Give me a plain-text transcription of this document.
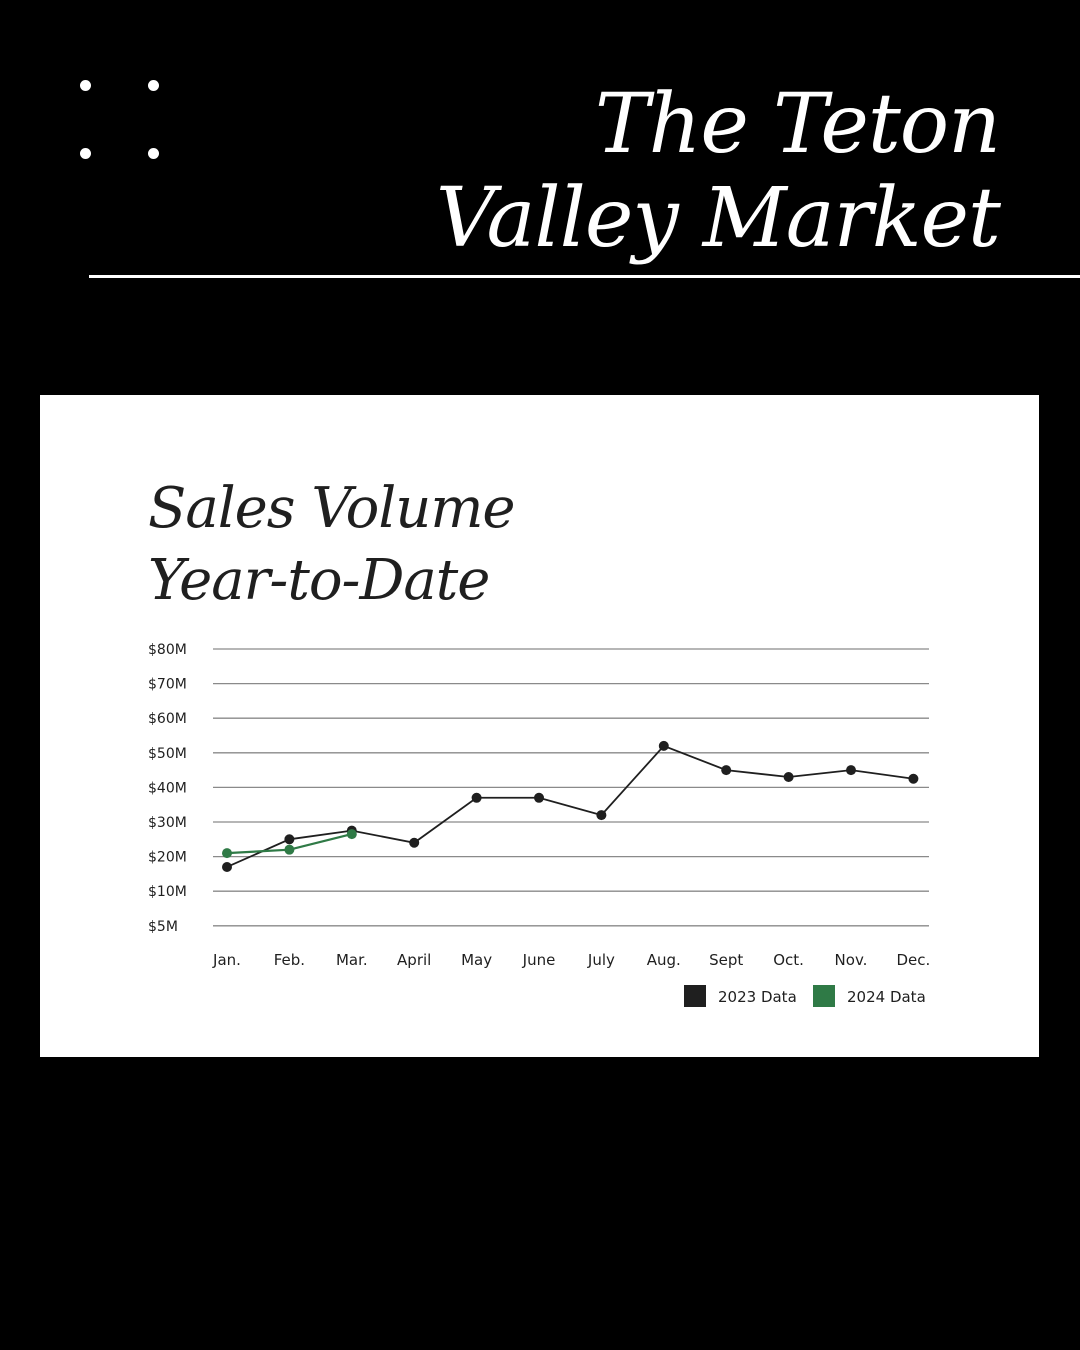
The Teton
Valley Market
Sales Volume
Year-to-Date
$80M
$70M
$60M
$50M
$40M
$30M
$20M
$10M
$5M
Jan. Feb. Mar. April May June July Aug. Sept Oct. Nov. Dec.
2023 Data	2024 Data
